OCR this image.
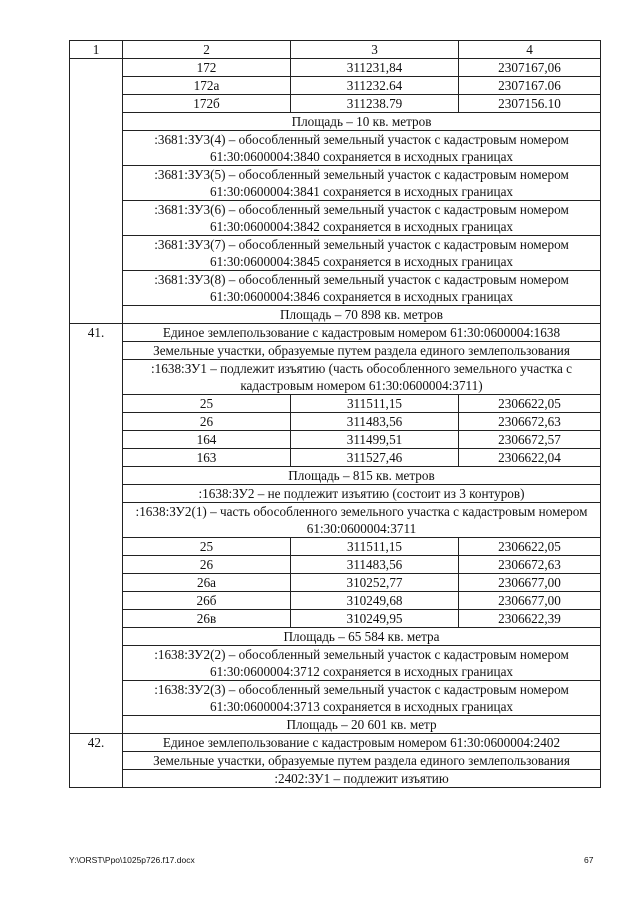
1	2	3	4
	172	311231,84	2307167,06
	172а	311232.64	2307167.06
	172б	311238.79	2307156.10
	Площадь – 10 кв. метров		
	:3681:ЗУ3(4) – обособленный земельный участок с кадастровым номером 61:30:0600004:3840 сохраняется в исходных границах		
	:3681:ЗУ3(5) – обособленный земельный участок с кадастровым номером 61:30:0600004:3841 сохраняется в исходных границах		
	:3681:ЗУ3(6) – обособленный земельный участок с кадастровым номером 61:30:0600004:3842 сохраняется в исходных границах		
	:3681:ЗУ3(7) – обособленный земельный участок с кадастровым номером 61:30:0600004:3845 сохраняется в исходных границах		
	:3681:ЗУ3(8) – обособленный земельный участок с кадастровым номером 61:30:0600004:3846 сохраняется в исходных границах		
	Площадь – 70 898 кв. метров		
41.	Единое землепользование с кадастровым номером 61:30:0600004:1638		
	Земельные участки, образуемые путем раздела единого землепользования		
	:1638:ЗУ1 – подлежит изъятию (часть обособленного земельного участка с кадастровым номером 61:30:0600004:3711)		
	25	311511,15	2306622,05
	26	311483,56	2306672,63
	164	311499,51	2306672,57
	163	311527,46	2306622,04
	Площадь – 815 кв. метров		
	:1638:ЗУ2 – не подлежит изъятию (состоит из 3 контуров)		
	:1638:ЗУ2(1) – часть обособленного земельного участка с кадастровым номером 61:30:0600004:3711		
	25	311511,15	2306622,05
	26	311483,56	2306672,63
	26а	310252,77	2306677,00
	26б	310249,68	2306677,00
	26в	310249,95	2306622,39
	Площадь – 65 584 кв. метра		
	:1638:ЗУ2(2) – обособленный земельный участок с кадастровым номером 61:30:0600004:3712 сохраняется в исходных границах		
	:1638:ЗУ2(3) – обособленный земельный участок с кадастровым номером 61:30:0600004:3713 сохраняется в исходных границах		
	Площадь – 20 601 кв. метр		
42.	Единое землепользование с кадастровым номером 61:30:0600004:2402		
	Земельные участки, образуемые путем раздела единого землепользования		
	:2402:ЗУ1 – подлежит изъятию		
Y:\ORST\Ppo\1025p726.f17.docx	67
